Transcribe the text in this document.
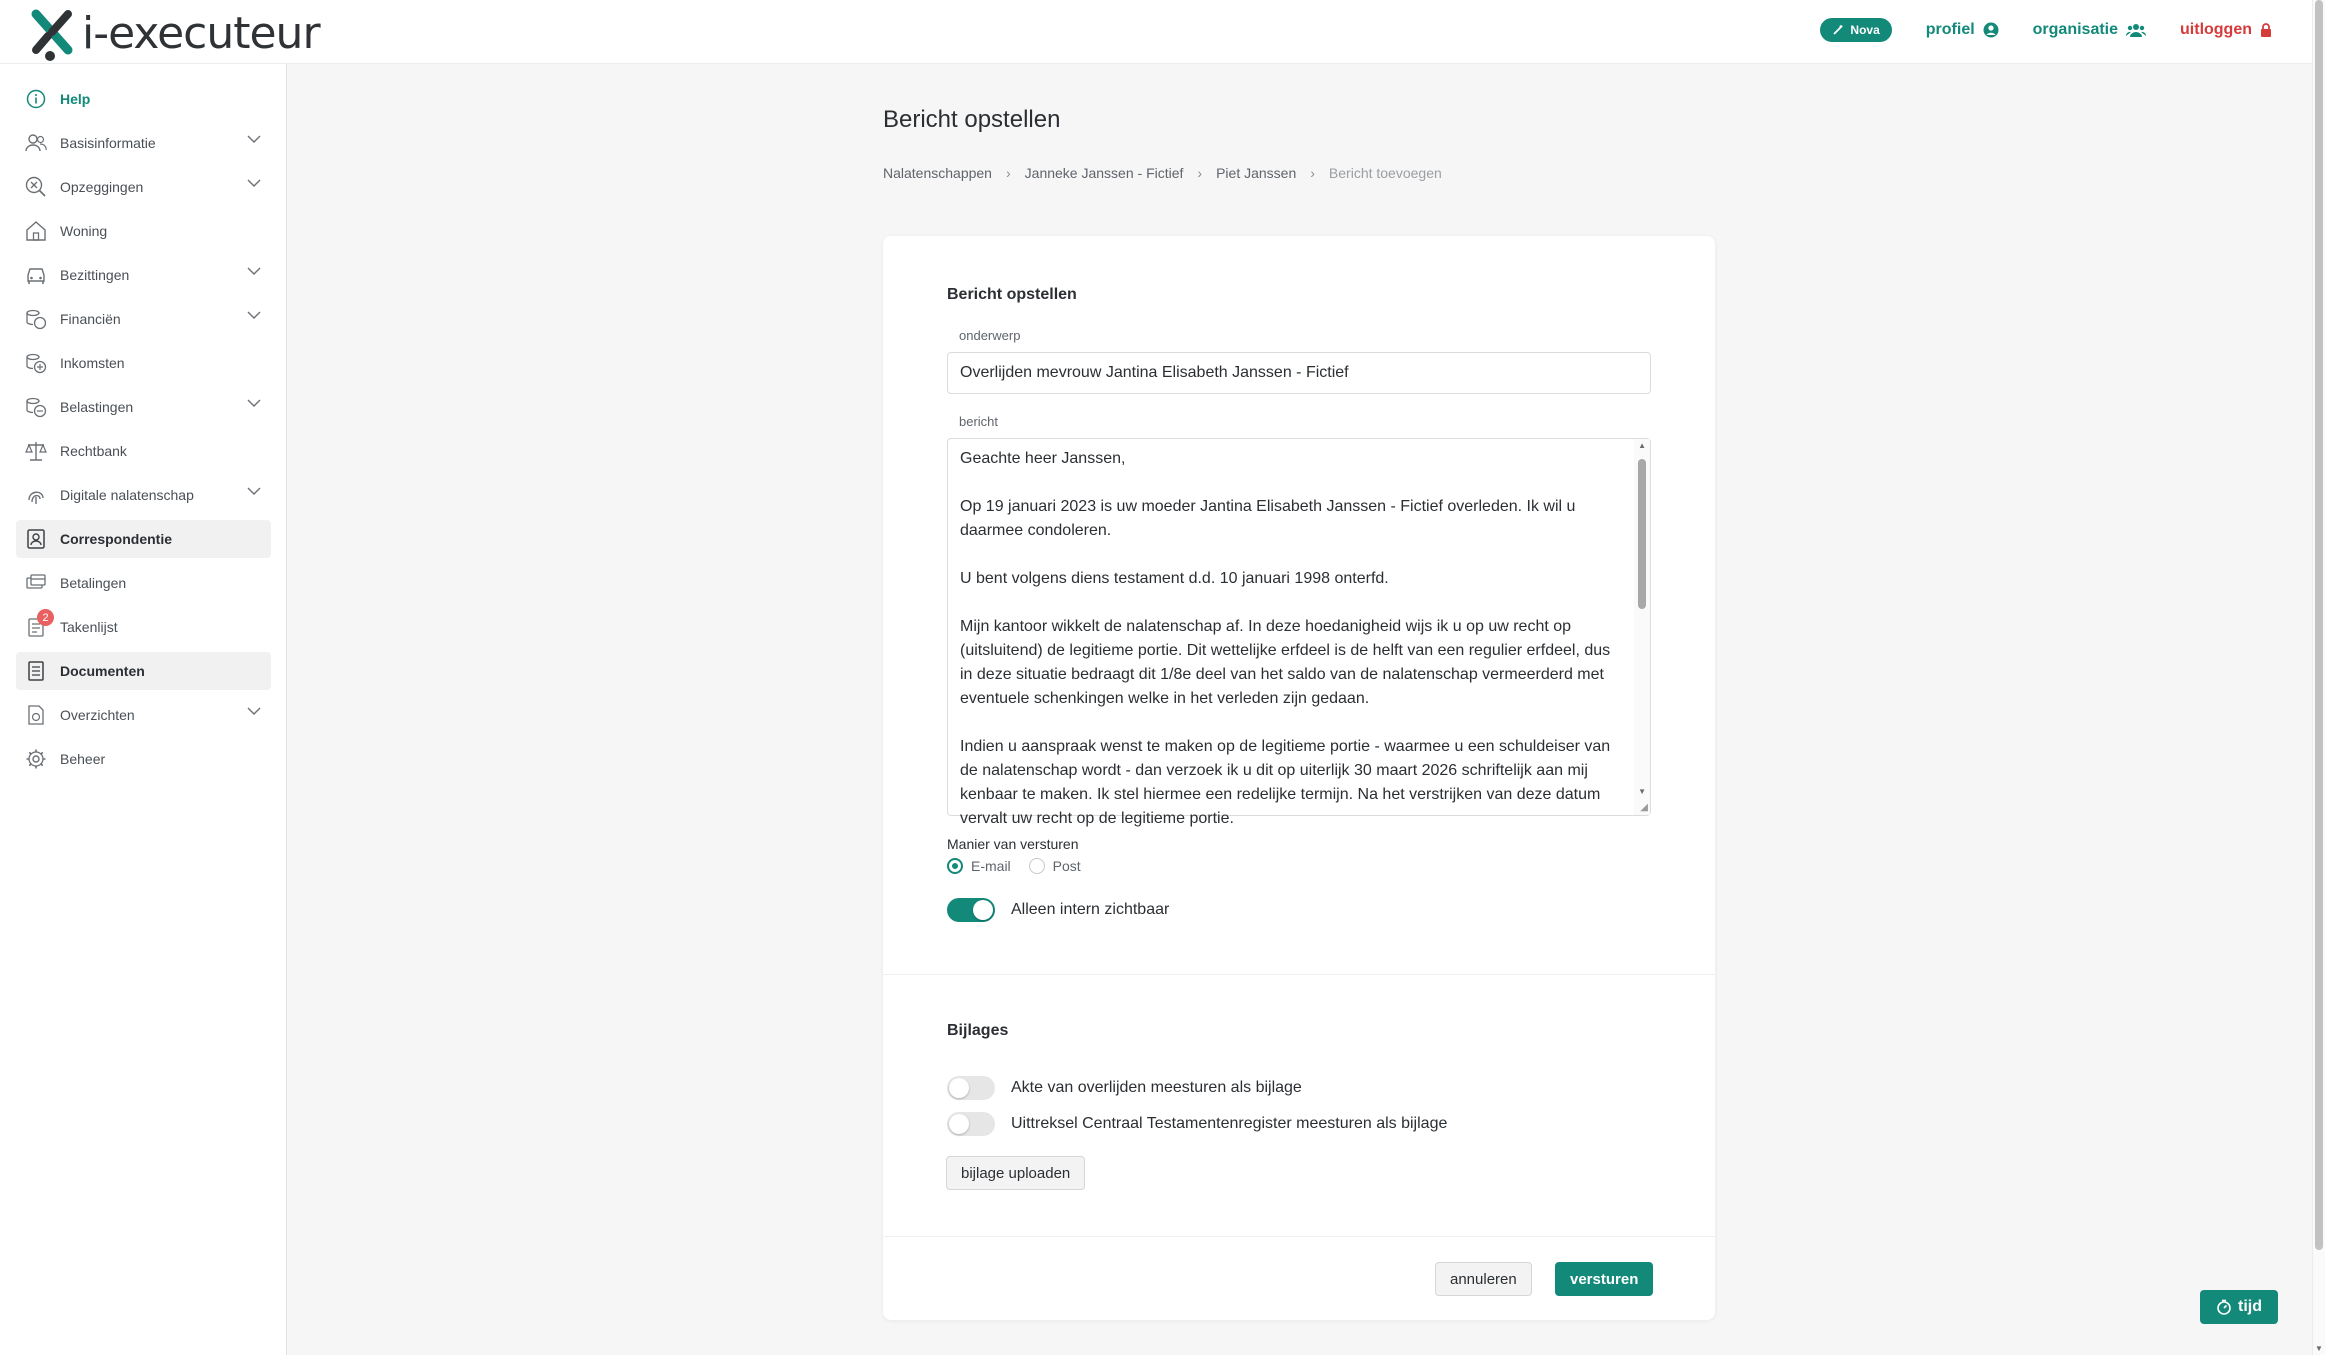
i-executeur	Nova	profiel	organisatie	uitloggen
Help
Basisinformatie
Opzeggingen
Woning
Bezittingen
Financiën
Inkomsten
Belastingen
Rechtbank
Digitale nalatenschap
Correspondentie
Betalingen
2
Takenlijst
Documenten
Overzichten
Beheer
Bericht opstellen
Nalatenschappen › Janneke Janssen - Fictief › Piet Janssen › Bericht toevoegen
Bericht opstellen
onderwerp
Overlijden mevrouw Jantina Elisabeth Janssen - Fictief
bericht
Geachte heer Janssen,

Op 19 januari 2023 is uw moeder Jantina Elisabeth Janssen - Fictief overleden. Ik wil u daarmee condoleren.

U bent volgens diens testament d.d. 10 januari 1998 onterfd.

Mijn kantoor wikkelt de nalatenschap af. In deze hoedanigheid wijs ik u op uw recht op (uitsluitend) de legitieme portie. Dit wettelijke erfdeel is de helft van een regulier erfdeel, dus in deze situatie bedraagt dit 1/8e deel van het saldo van de nalatenschap vermeerderd met eventuele schenkingen welke in het verleden zijn gedaan.

Indien u aanspraak wenst te maken op de legitieme portie - waarmee u een schuldeiser van de nalatenschap wordt - dan verzoek ik u dit op uiterlijk 30 maart 2026 schriftelijk aan mij kenbaar te maken. Ik stel hiermee een redelijke termijn. Na het verstrijken van deze datum vervalt uw recht op de legitieme portie.
▲
▼
◢
Manier van versturen
E-mail	Post
Alleen intern zichtbaar
Bijlages
Akte van overlijden meesturen als bijlage
Uittreksel Centraal Testamentenregister meesturen als bijlage
bijlage uploaden
annuleren	versturen
tijd
▼
